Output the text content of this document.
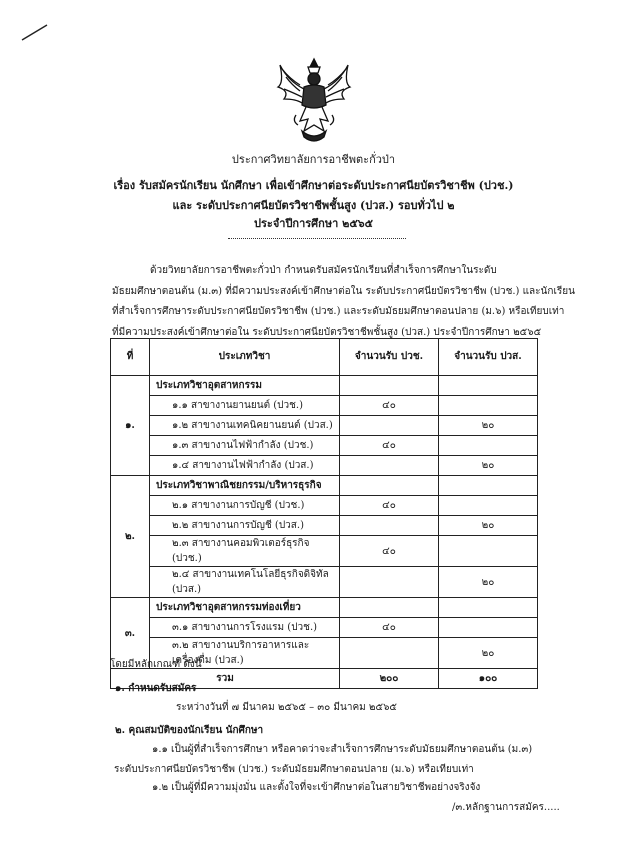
ประกาศวิทยาลัยการอาชีพตะกั่วป่า
เรื่อง รับสมัครนักเรียน นักศึกษา เพื่อเข้าศึกษาต่อระดับประกาศนียบัตรวิชาชีพ (ปวช.)
และ ระดับประกาศนียบัตรวิชาชีพชั้นสูง (ปวส.) รอบทั่วไป ๒
ประจำปีการศึกษา ๒๕๖๕
ด้วยวิทยาลัยการอาชีพตะกั่วป่า กำหนดรับสมัครนักเรียนที่สำเร็จการศึกษาในระดับ
มัธยมศึกษาตอนต้น (ม.๓) ที่มีความประสงค์เข้าศึกษาต่อใน ระดับประกาศนียบัตรวิชาชีพ (ปวช.) และนักเรียน
ที่สำเร็จการศึกษาระดับประกาศนียบัตรวิชาชีพ (ปวช.) และระดับมัธยมศึกษาตอนปลาย (ม.๖) หรือเทียบเท่า
ที่มีความประสงค์เข้าศึกษาต่อใน ระดับประกาศนียบัตรวิชาชีพชั้นสูง (ปวส.) ประจำปีการศึกษา ๒๕๖๕
ที่	ประเภทวิชา	จำนวนรับ ปวช.	จำนวนรับ ปวส.
๑.	ประเภทวิชาอุตสาหกรรม		
	๑.๑ สาขางานยานยนต์ (ปวช.)	๔๐	
	๑.๒ สาขางานเทคนิคยานยนต์ (ปวส.)		๒๐
	๑.๓ สาขางานไฟฟ้ากำลัง (ปวช.)	๔๐	
	๑.๔ สาขางานไฟฟ้ากำลัง (ปวส.)		๒๐
๒.	ประเภทวิชาพาณิชยกรรม/บริหารธุรกิจ		
	๒.๑ สาขางานการบัญชี (ปวช.)	๔๐	
	๒.๒ สาขางานการบัญชี (ปวส.)		๒๐
	๒.๓ สาขางานคอมพิวเตอร์ธุรกิจ (ปวช.)	๔๐	
	๒.๔ สาขางานเทคโนโลยีธุรกิจดิจิทัล (ปวส.)		๒๐
๓.	ประเภทวิชาอุตสาหกรรมท่องเที่ยว		
	๓.๑ สาขางานการโรงแรม (ปวช.)	๔๐	
	๓.๒ สาขางานบริการอาหารและเครื่องดื่ม (ปวส.)		๒๐
รวม		๒๐๐	๑๐๐
โดยมีหลักเกณฑ์ ดังนี้
๑. กำหนดรับสมัคร
ระหว่างวันที่ ๗ มีนาคม ๒๕๖๕ – ๓๐ มีนาคม ๒๕๖๕
๒. คุณสมบัติของนักเรียน นักศึกษา
๑.๑ เป็นผู้ที่สำเร็จการศึกษา หรือคาดว่าจะสำเร็จการศึกษาระดับมัธยมศึกษาตอนต้น (ม.๓)
ระดับประกาศนียบัตรวิชาชีพ (ปวช.) ระดับมัธยมศึกษาตอนปลาย (ม.๖) หรือเทียบเท่า
๑.๒ เป็นผู้ที่มีความมุ่งมั่น และตั้งใจที่จะเข้าศึกษาต่อในสายวิชาชีพอย่างจริงจัง
/๓.หลักฐานการสมัคร.....
